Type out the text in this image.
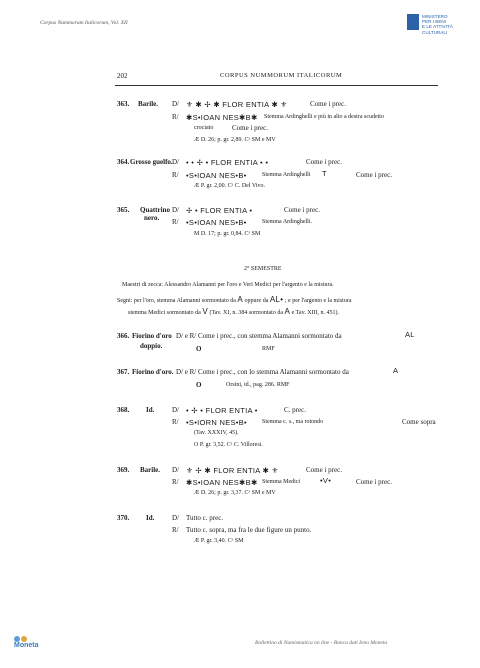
Corpus Nummorum Italicorum, Vol. XII
MINISTERO
PER I BENI
E LE ATTIVITÀ
CULTURALI
202	CORPUS NUMMORUM ITALICORUM
363. Barile. D/ ⚜ ✱ ✢ ✱ FLOR ENTIA ✱ ⚜	Come i prec.
R/ ✱S•IOAN NES✱B✱ Stemma Ardinghelli e più in alto a destra scudetto
crociato	Come i prec.
Æ D. 26; p. gr. 2,89. Cᵃ SM e MV
364. Grosso guelfo. D/ • • ✢ • FLOR ENTIA • •	Come i prec.
R/ •S•IOAN NES•B•	Stemma Ardinghelli T	Come i prec.
Æ P. gr. 2,00. Cᵃ C. Del Vivo.
365. Quattrino
nero.
D/ ✢ • FLOR ENTIA •	Come i prec.
R/ •S•IOAN NES•B•	Stemma Ardinghelli.
M D. 17; p. gr. 0,84. Cᵃ SM
2° SEMESTRE
Maestri di zecca: Alessandro Alamanni per l'oro e Veri Medici per l'argento e la mistura.
Segni: per l'oro, stemma Alamanni sormontato da A oppure da AL• ; e per l'argento e la mistura
stemma Medici sormontato da V (Tav. XI, n. 384 sormontato da A e Tav. XIII, n. 451).
366. Fiorino d'oro
doppio.
D/ e R/ Come i prec., con stemma Alamanni sormontato da	AL
O	RMF
367. Fiorino d'oro. D/ e R/ Come i prec., con lo stemma Alamanni sormontato da	A
O	Orsini, id., pag. 286. RMF
368. Id.	D/ • ✢ • FLOR ENTIA •	C. prec.
R/ •S•IORN NES•B•	Stemma c. s., ma rotondo	Come sopra
(Tav. XXXIV, 45).
O P. gr. 3,52. Cᵃ C. Villoresi.
369. Barile. D/ ⚜ ✢ ✱ FLOR ENTIA ✱ ⚜	Come i prec.
R/ ✱S•IOAN NES✱B✱ Stemma Medici	•V•	Come i prec.
Æ D. 26; p. gr. 3,37. Cᵃ SM e MV
370. Id.	D/ Tutto c. prec.
R/ Tutto c. sopra, ma fra le due figure un punto.
Æ P. gr. 3,40. Cᵃ SM
Moneta	Bollettino di Numismatica on line - Banca dati Ieno Moneta
